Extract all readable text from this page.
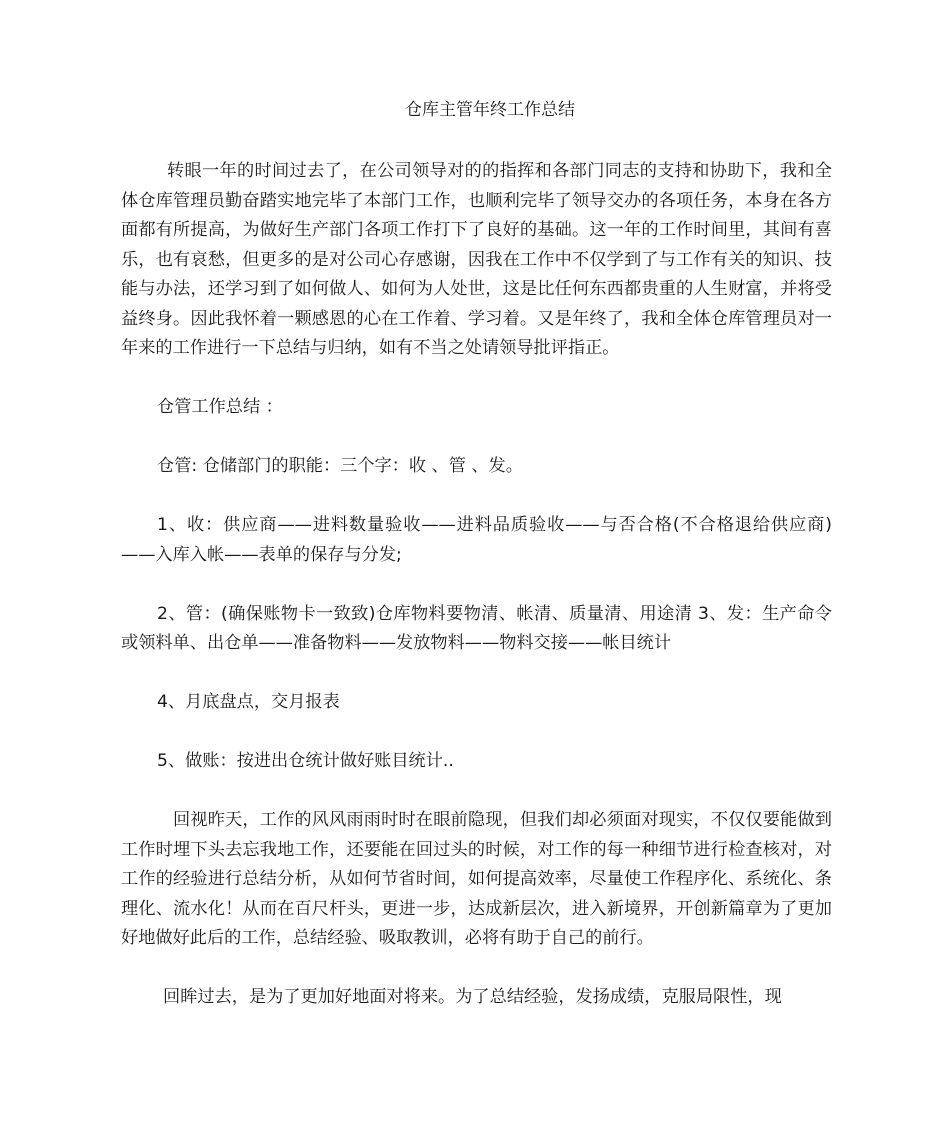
仓库主管年终工作总结

转眼一年的时间过去了，在公司领导对的的指挥和各部门同志的支持和协助下，我和全体仓库管理员勤奋踏实地完毕了本部门工作，也顺利完毕了领导交办的各项任务，本身在各方面都有所提高，为做好生产部门各项工作打下了良好的基础。这一年的工作时间里，其间有喜乐，也有哀愁，但更多的是对公司心存感谢，因我在工作中不仅学到了与工作有关的知识、技能与办法，还学习到了如何做人、如何为人处世，这是比任何东西都贵重的人生财富，并将受益终身。因此我怀着一颗感恩的心在工作着、学习着。又是年终了，我和全体仓库管理员对一年来的工作进行一下总结与归纳，如有不当之处请领导批评指正。

仓管工作总结 ：

仓管: 仓储部门的职能：三个字：收 、管 、发。

1、收：供应商——进料数量验收——进料品质验收——与否合格(不合格退给供应商)——入库入帐——表单的保存与分发;

2、管：(确保账物卡一致致)仓库物料要物清、帐清、质量清、用途清 3、发：生产命令或领料单、出仓单——准备物料——发放物料——物料交接——帐目统计

4、月底盘点，交月报表

5、做账：按进出仓统计做好账目统计..

回视昨天，工作的风风雨雨时时在眼前隐现，但我们却必须面对现实，不仅仅要能做到工作时埋下头去忘我地工作，还要能在回过头的时候，对工作的每一种细节进行检查核对，对工作的经验进行总结分析，从如何节省时间，如何提高效率，尽量使工作程序化、系统化、条理化、流水化！从而在百尺杆头，更进一步，达成新层次，进入新境界，开创新篇章为了更加好地做好此后的工作，总结经验、吸取教训，必将有助于自己的前行。

回眸过去，是为了更加好地面对将来。为了总结经验，发扬成绩，克服局限性，现
